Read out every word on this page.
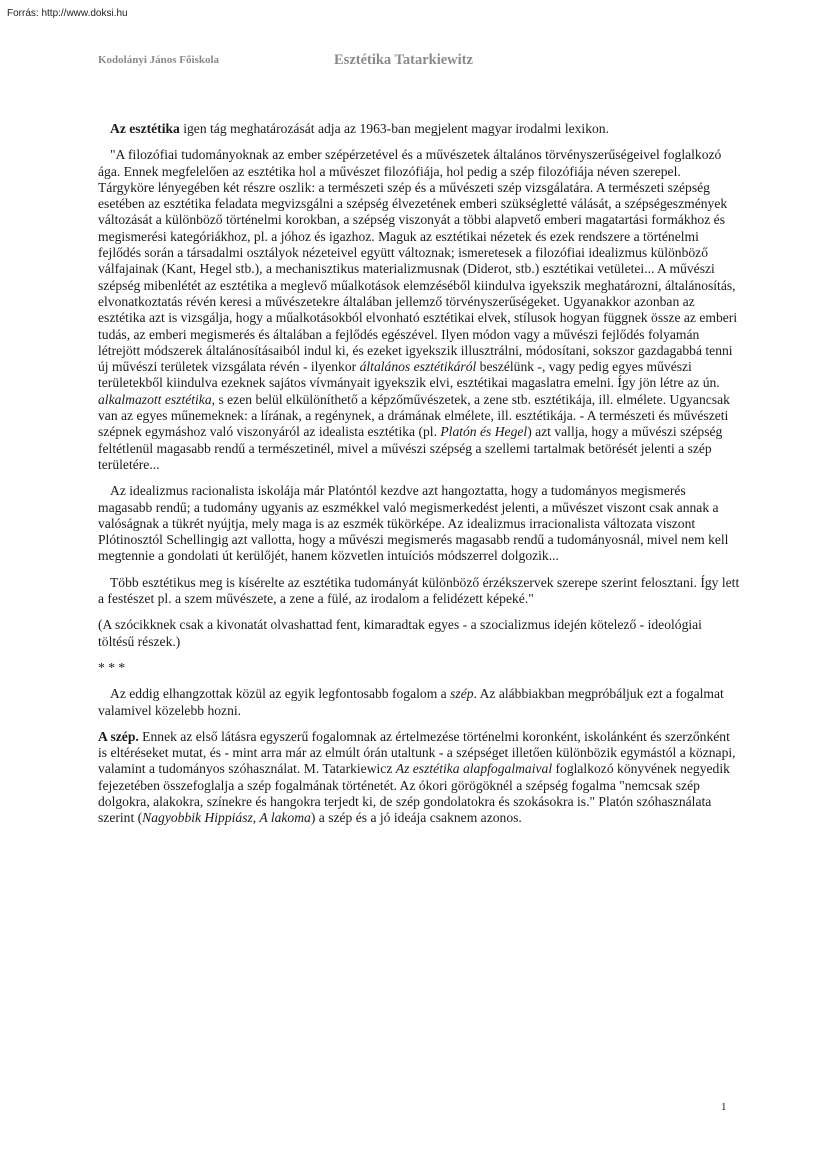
Forrás: http://www.doksi.hu
Kodolányi János Főiskola	Esztétika Tatarkiewitz

Az esztétika igen tág meghatározását adja az 1963-ban megjelent magyar irodalmi lexikon.

"A filozófiai tudományoknak az ember szépérzetével és a művészetek általános törvényszerűségeivel foglalkozó ága. Ennek megfelelően az esztétika hol a művészet filozófiája, hol pedig a szép filozófiája néven szerepel. Tárgyköre lényegében két részre oszlik: a természeti szép és a művészeti szép vizsgálatára. A természeti szépség esetében az esztétika feladata megvizsgálni a szépség élvezetének emberi szükségletté válását, a szépségeszmények változását a különböző történelmi korokban, a szépség viszonyát a többi alapvető emberi magatartási formákhoz és megismerési kategóriákhoz, pl. a jóhoz és igazhoz. Maguk az esztétikai nézetek és ezek rendszere a történelmi fejlődés során a társadalmi osztályok nézeteivel együtt változnak; ismeretesek a filozófiai idealizmus különböző válfajainak (Kant, Hegel stb.), a mechanisztikus materializmusnak (Diderot, stb.) esztétikai vetületei... A művészi szépség mibenlétét az esztétika a meglevő műalkotások elemzéséből kiindulva igyekszik meghatározni, általánosítás, elvonatkoztatás révén keresi a művészetekre általában jellemző törvényszerűségeket. Ugyanakkor azonban az esztétika azt is vizsgálja, hogy a műalkotásokból elvonható esztétikai elvek, stílusok hogyan függnek össze az emberi tudás, az emberi megismerés és általában a fejlődés egészével. Ilyen módon vagy a művészi fejlődés folyamán létrejött módszerek általánosításaiból indul ki, és ezeket igyekszik illusztrálni, módosítani, sokszor gazdagabbá tenni új művészi területek vizsgálata révén - ilyenkor általános esztétikáról beszélünk -, vagy pedig egyes művészi területekből kiindulva ezeknek sajátos vívmányait igyekszik elvi, esztétikai magaslatra emelni. Így jön létre az ún. alkalmazott esztétika, s ezen belül elkülöníthető a képzőművészetek, a zene stb. esztétikája, ill. elmélete. Ugyancsak van az egyes műnemeknek: a lírának, a regénynek, a drámának elmélete, ill. esztétikája. - A természeti és művészeti szépnek egymáshoz való viszonyáról az idealista esztétika (pl. Platón és Hegel) azt vallja, hogy a művészi szépség feltétlenül magasabb rendű a természetinél, mivel a művészi szépség a szellemi tartalmak betörését jelenti a szép területére...

Az idealizmus racionalista iskolája már Platóntól kezdve azt hangoztatta, hogy a tudományos megismerés magasabb rendű; a tudomány ugyanis az eszmékkel való megismerkedést jelenti, a művészet viszont csak annak a valóságnak a tükrét nyújtja, mely maga is az eszmék tükörképe. Az idealizmus irracionalista változata viszont Plótinosztól Schellingig azt vallotta, hogy a művészi megismerés magasabb rendű a tudományosnál, mivel nem kell megtennie a gondolati út kerülőjét, hanem közvetlen intuíciós módszerrel dolgozik...

Több esztétikus meg is kísérelte az esztétika tudományát különböző érzékszervek szerepe szerint felosztani. Így lett a festészet pl. a szem művészete, a zene a fülé, az irodalom a felidézett képeké."

(A szócikknek csak a kivonatát olvashattad fent, kimaradtak egyes - a szocializmus idején kötelező - ideológiai töltésű részek.)

* * *

Az eddig elhangzottak közül az egyik legfontosabb fogalom a szép. Az alábbiakban megpróbáljuk ezt a fogalmat valamivel közelebb hozni.

A szép. Ennek az első látásra egyszerű fogalomnak az értelmezése történelmi koronként, iskolánként és szerzőnként is eltéréseket mutat, és - mint arra már az elmúlt órán utaltunk - a szépséget illetően különbözik egymástól a köznapi, valamint a tudományos szóhasználat. M. Tatarkiewicz Az esztétika alapfogalmaival foglalkozó könyvének negyedik fejezetében összefoglalja a szép fogalmának történetét. Az ókori görögöknél a szépség fogalma "nemcsak szép dolgokra, alakokra, színekre és hangokra terjedt ki, de szép gondolatokra és szokásokra is." Platón szóhasználata szerint (Nagyobbik Hippiász, A lakoma) a szép és a jó ideája csaknem azonos.

1
